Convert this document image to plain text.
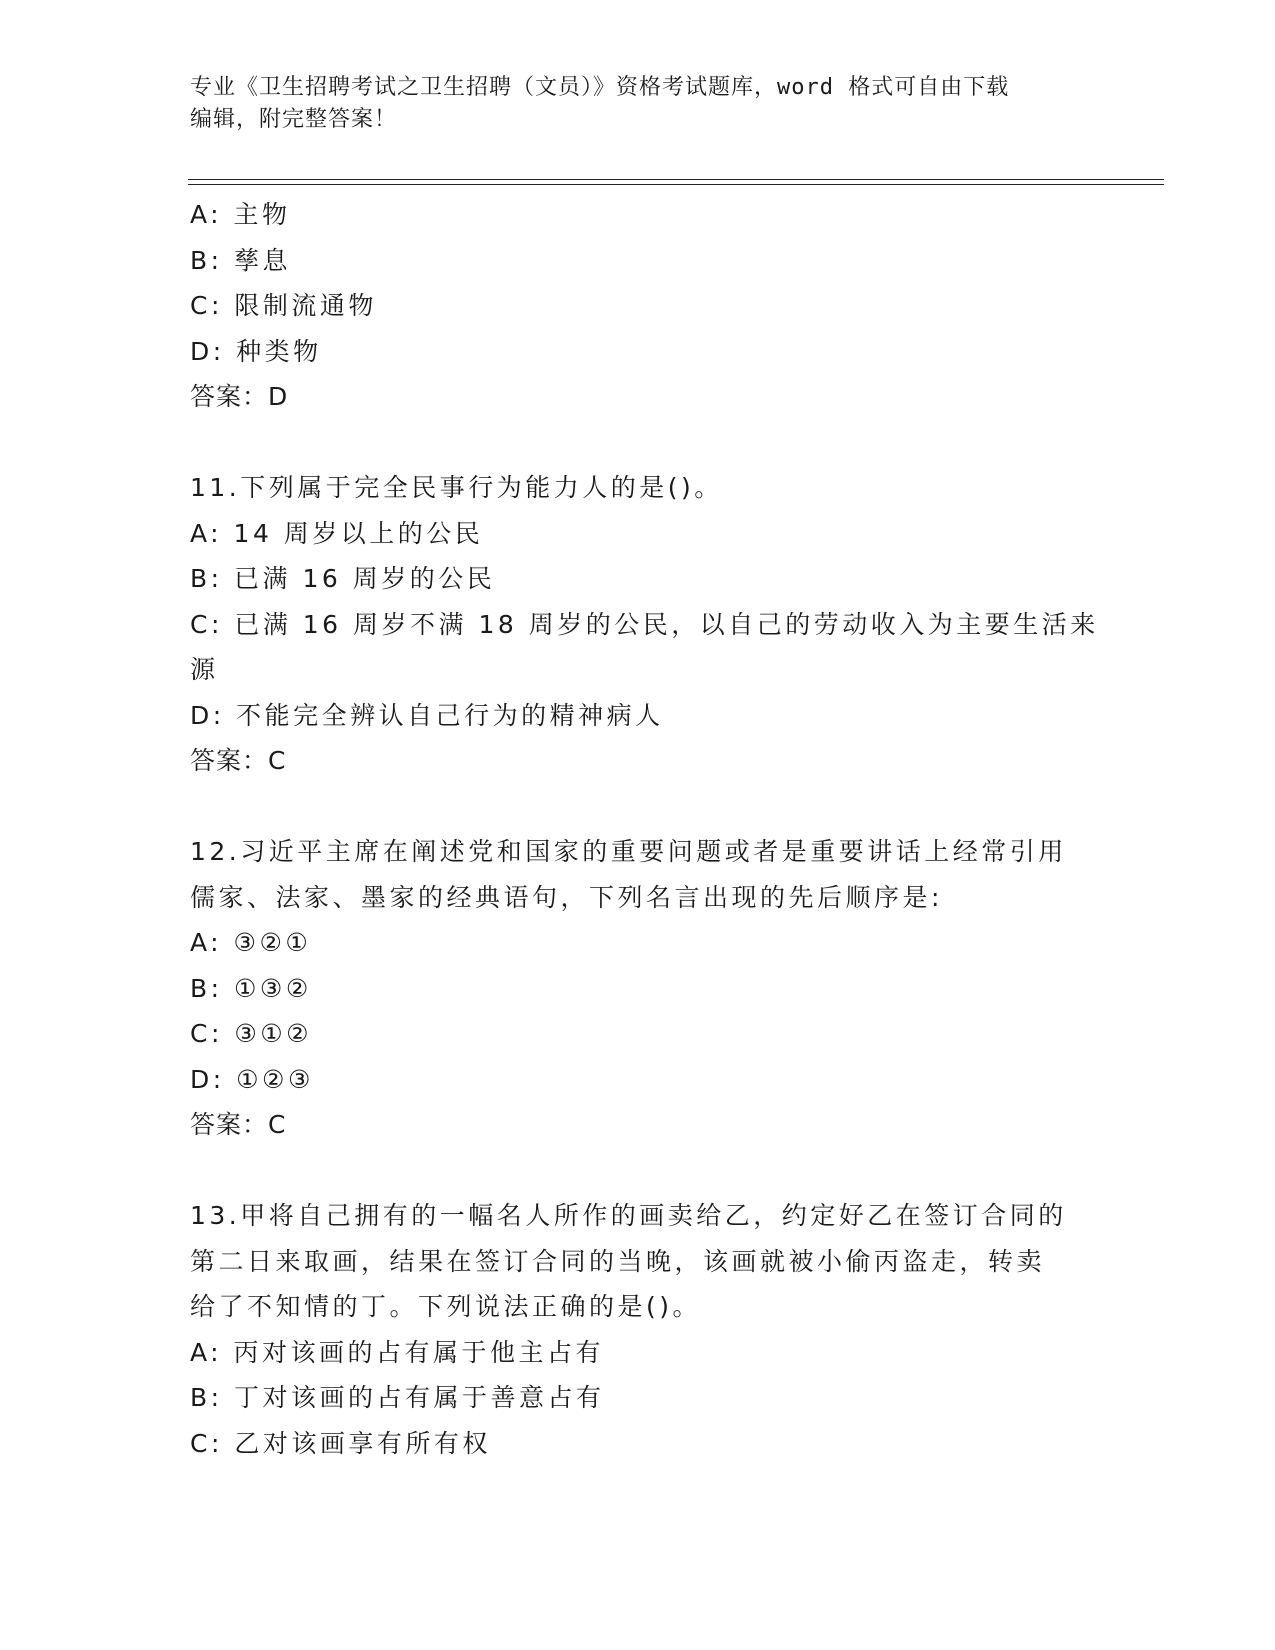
专业《卫生招聘考试之卫生招聘（文员）》资格考试题库，word 格式可自由下载
编辑，附完整答案！
A: 主物
B: 孳息
C: 限制流通物
D: 种类物
答案：D
11.下列属于完全民事行为能力人的是()。
A: 14 周岁以上的公民
B: 已满 16 周岁的公民
C: 已满 16 周岁不满 18 周岁的公民，以自己的劳动收入为主要生活来
源
D: 不能完全辨认自己行为的精神病人
答案：C
12.习近平主席在阐述党和国家的重要问题或者是重要讲话上经常引用
儒家、法家、墨家的经典语句，下列名言出现的先后顺序是:
A: ③②①
B: ①③②
C: ③①②
D: ①②③
答案：C
13.甲将自己拥有的一幅名人所作的画卖给乙，约定好乙在签订合同的
第二日来取画，结果在签订合同的当晚，该画就被小偷丙盗走，转卖
给了不知情的丁。下列说法正确的是()。
A: 丙对该画的占有属于他主占有
B: 丁对该画的占有属于善意占有
C: 乙对该画享有所有权
